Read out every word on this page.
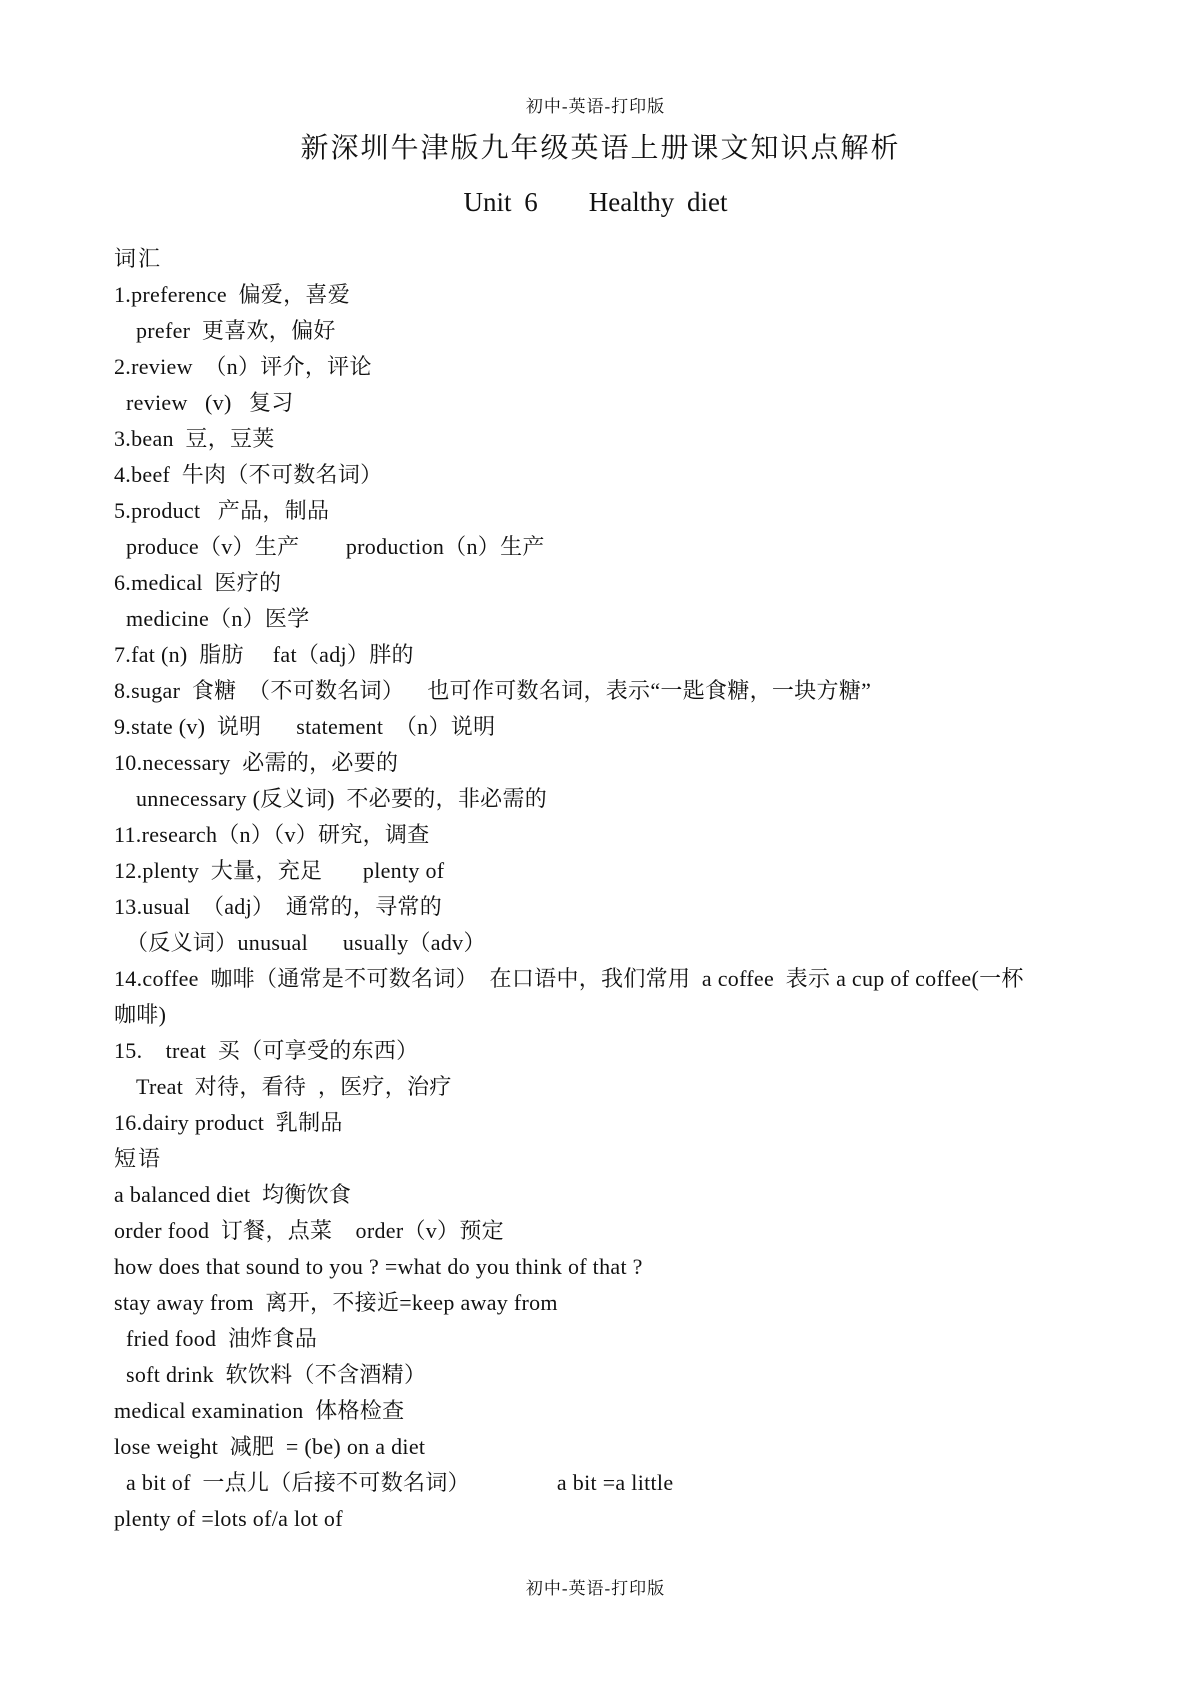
初中-英语-打印版
新深圳牛津版九年级英语上册课文知识点解析
Unit 6    Healthy diet
词汇
1.preference  偏爱，喜爱
prefer  更喜欢，偏好
2.review  （n）评介，评论
review   (v)   复习
3.bean  豆，豆荚
4.beef  牛肉（不可数名词）
5.product   产品，制品
produce（v）生产        production（n）生产
6.medical  医疗的
medicine（n）医学
7.fat (n)  脂肪     fat（adj）胖的
8.sugar  食糖  （不可数名词）    也可作可数名词，表示“一匙食糖，一块方糖”
9.state (v)  说明      statement  （n）说明
10.necessary  必需的，必要的
unnecessary (反义词)  不必要的，非必需的
11.research（n）（v）研究，调查
12.plenty  大量，充足       plenty of
13.usual  （adj）  通常的，寻常的
（反义词）unusual      usually（adv）
14.coffee  咖啡（通常是不可数名词）  在口语中，我们常用  a coffee  表示 a cup of coffee(一杯
咖啡)
15.    treat  买（可享受的东西）
Treat  对待，看待  ，医疗，治疗
16.dairy product  乳制品
短语
a balanced diet  均衡饮食
order food  订餐，点菜    order（v）预定
how does that sound to you ? =what do you think of that ?
stay away from  离开，不接近=keep away from
fried food  油炸食品
soft drink  软饮料（不含酒精）
medical examination  体格检查
lose weight  减肥  = (be) on a diet
a bit of  一点儿（后接不可数名词）               a bit =a little
plenty of =lots of/a lot of
初中-英语-打印版
